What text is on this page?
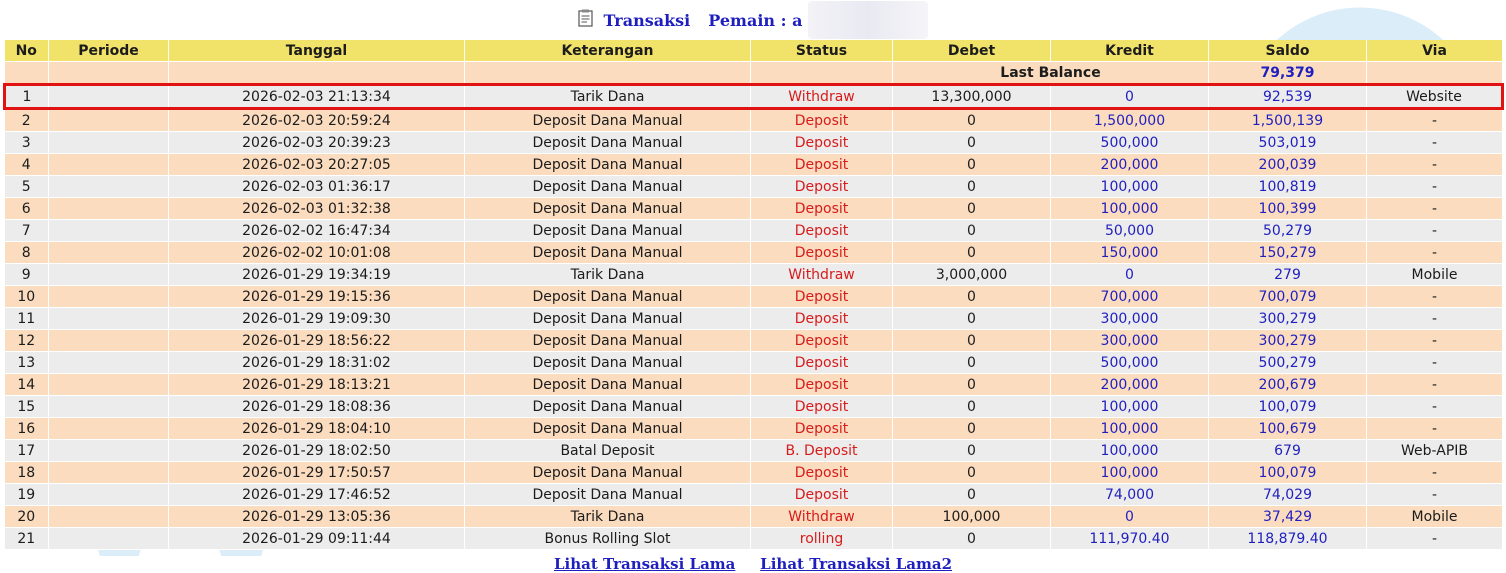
Transaksi Pemain : a
No	Periode	Tanggal	Keterangan	Status	Debet	Kredit	Saldo	Via
					Last Balance		79,379	
1		2026-02-03 21:13:34	Tarik Dana	Withdraw	13,300,000	0	92,539	Website
2		2026-02-03 20:59:24	Deposit Dana Manual	Deposit	0	1,500,000	1,500,139	-
3		2026-02-03 20:39:23	Deposit Dana Manual	Deposit	0	500,000	503,019	-
4		2026-02-03 20:27:05	Deposit Dana Manual	Deposit	0	200,000	200,039	-
5		2026-02-03 01:36:17	Deposit Dana Manual	Deposit	0	100,000	100,819	-
6		2026-02-03 01:32:38	Deposit Dana Manual	Deposit	0	100,000	100,399	-
7		2026-02-02 16:47:34	Deposit Dana Manual	Deposit	0	50,000	50,279	-
8		2026-02-02 10:01:08	Deposit Dana Manual	Deposit	0	150,000	150,279	-
9		2026-01-29 19:34:19	Tarik Dana	Withdraw	3,000,000	0	279	Mobile
10		2026-01-29 19:15:36	Deposit Dana Manual	Deposit	0	700,000	700,079	-
11		2026-01-29 19:09:30	Deposit Dana Manual	Deposit	0	300,000	300,279	-
12		2026-01-29 18:56:22	Deposit Dana Manual	Deposit	0	300,000	300,279	-
13		2026-01-29 18:31:02	Deposit Dana Manual	Deposit	0	500,000	500,279	-
14		2026-01-29 18:13:21	Deposit Dana Manual	Deposit	0	200,000	200,679	-
15		2026-01-29 18:08:36	Deposit Dana Manual	Deposit	0	100,000	100,079	-
16		2026-01-29 18:04:10	Deposit Dana Manual	Deposit	0	100,000	100,679	-
17		2026-01-29 18:02:50	Batal Deposit	B. Deposit	0	100,000	679	Web-APIB
18		2026-01-29 17:50:57	Deposit Dana Manual	Deposit	0	100,000	100,079	-
19		2026-01-29 17:46:52	Deposit Dana Manual	Deposit	0	74,000	74,029	-
20		2026-01-29 13:05:36	Tarik Dana	Withdraw	100,000	0	37,429	Mobile
21		2026-01-29 09:11:44	Bonus Rolling Slot	rolling	0	111,970.40	118,879.40	-
Lihat Transaksi Lama Lihat Transaksi Lama2
